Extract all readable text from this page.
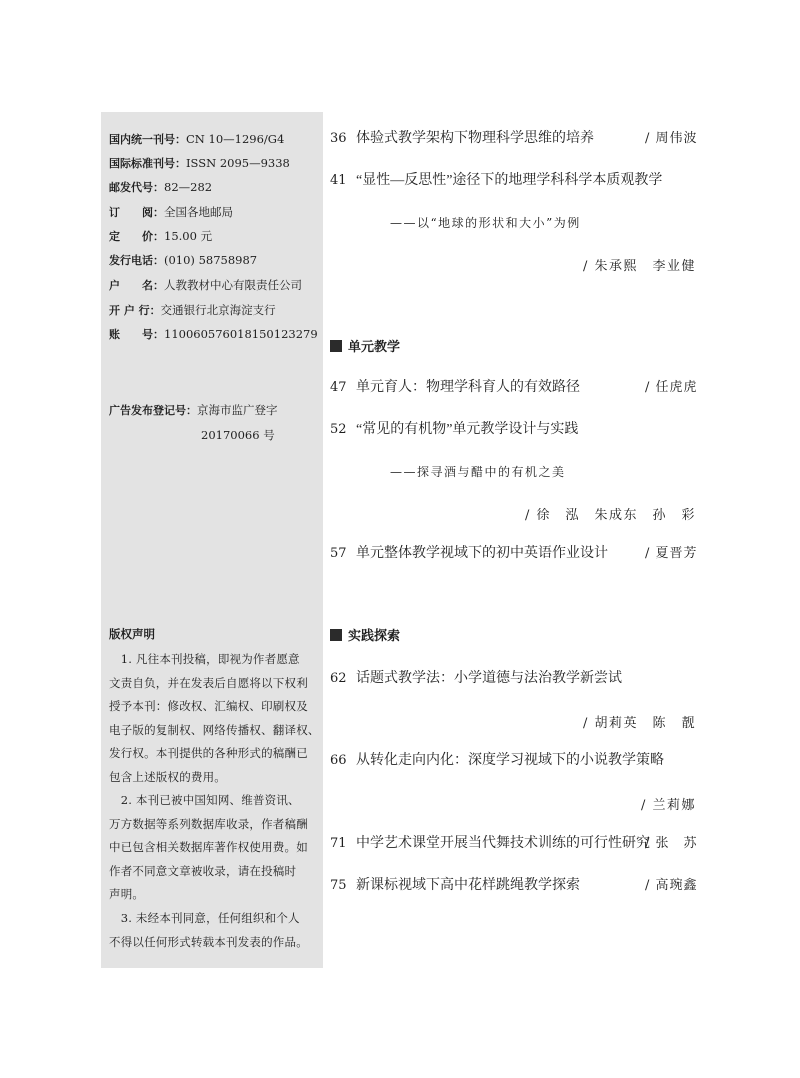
国内统一刊号：CN 10—1296/G4
国际标准刊号：ISSN 2095—9338
邮发代号：82—282
订　　阅：全国各地邮局
定　　价：15.00 元
发行电话：(010) 58758987
户　　名：人教教材中心有限责任公司
开 户 行：交通银行北京海淀支行
账　　号：110060576018150123279
广告发布登记号：京海市监广登字
20170066 号
版权声明
　1. 凡往本刊投稿，即视为作者愿意
文责自负，并在发表后自愿将以下权利
授予本刊：修改权、汇编权、印刷权及
电子版的复制权、网络传播权、翻译权、
发行权。本刊提供的各种形式的稿酬已
包含上述版权的费用。
　2. 本刊已被中国知网、维普资讯、
万方数据等系列数据库收录，作者稿酬
中已包含相关数据库著作权使用费。如
作者不同意文章被收录，请在投稿时
声明。
　3. 未经本刊同意，任何组织和个人
不得以任何形式转载本刊发表的作品。
36 体验式教学架构下物理科学思维的培养	/ 周伟波
41 “显性—反思性”途径下的地理学科科学本质观教学
——以“地球的形状和大小”为例
/ 朱承熙　李业健
单元教学
47 单元育人：物理学科育人的有效路径	/ 任虎虎
52 “常见的有机物”单元教学设计与实践
——探寻酒与醋中的有机之美
/ 徐　泓　朱成东　孙　彩
57 单元整体教学视域下的初中英语作业设计	/ 夏晋芳
实践探索
62 话题式教学法：小学道德与法治教学新尝试
/ 胡莉英　陈　靓
66 从转化走向内化：深度学习视域下的小说教学策略
/ 兰莉娜
71 中学艺术课堂开展当代舞技术训练的可行性研究
/ 张　苏
75 新课标视域下高中花样跳绳教学探索	/ 高琬鑫
